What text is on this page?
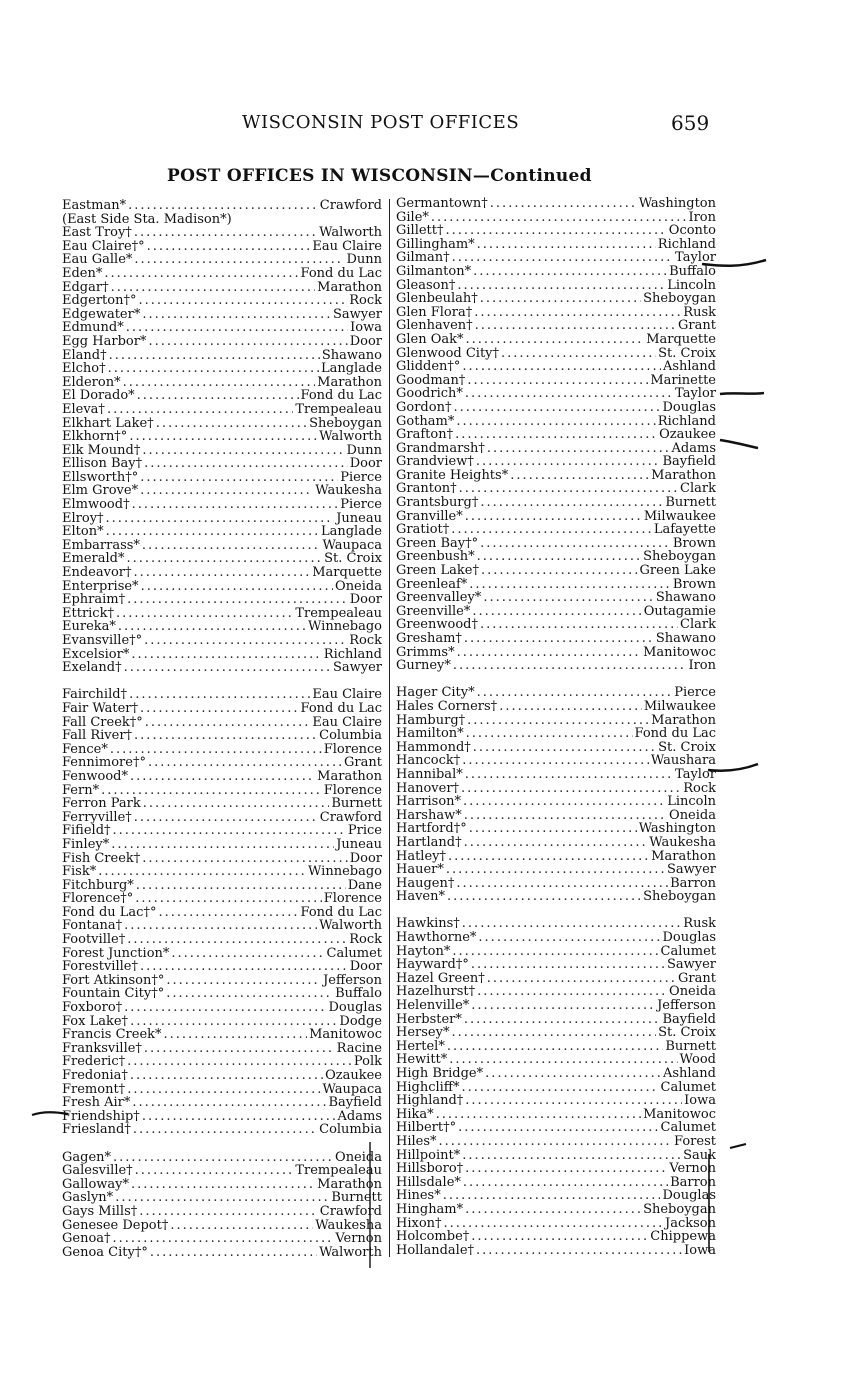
WISCONSIN POST OFFICES	659
POST OFFICES IN WISCONSIN—Continued
Eastman* .....	Crawford
(East Side Sta. Madison*)
East Troy† .....	Walworth
Eau Claire†° .....	Eau Claire
Eau Galle* .....	Dunn
Eden* .....	Fond du Lac
Edgar† .....	Marathon
Edgerton†° .....	Rock
Edgewater* .....	Sawyer
Edmund* .....	Iowa
Egg Harbor* .....	Door
Eland† .....	Shawano
Elcho† .....	Langlade
Elderon* .....	Marathon
El Dorado* .....	Fond du Lac
Eleva† .....	Trempealeau
Elkhart Lake† .....	Sheboygan
Elkhorn†° .....	Walworth
Elk Mound† .....	Dunn
Ellison Bay† .....	Door
Ellsworth†° .....	Pierce
Elm Grove* .....	Waukesha
Elmwood† .....	Pierce
Elroy† .....	Juneau
Elton* .....	Langlade
Embarrass* .....	Waupaca
Emerald* .....	St. Croix
Endeavor† .....	Marquette
Enterprise* .....	Oneida
Ephraim† .....	Door
Ettrick† .....	Trempealeau
Eureka* .....	Winnebago
Evansville†° .....	Rock
Excelsior* .....	Richland
Exeland† .....	Sawyer
Fairchild† .....	Eau Claire
Fair Water† .....	Fond du Lac
Fall Creek†° .....	Eau Claire
Fall River† .....	Columbia
Fence* .....	Florence
Fennimore†° .....	Grant
Fenwood* .....	Marathon
Fern* .....	Florence
Ferron Park .....	Burnett
Ferryville† .....	Crawford
Fifield† .....	Price
Finley* .....	Juneau
Fish Creek† .....	Door
Fisk* .....	Winnebago
Fitchburg* .....	Dane
Florence†° .....	Florence
Fond du Lac†° .....	Fond du Lac
Fontana† .....	Walworth
Footville† .....	Rock
Forest Junction* .....	Calumet
Forestville† .....	Door
Fort Atkinson†° .....	Jefferson
Fountain City†° .....	Buffalo
Foxboro† .....	Douglas
Fox Lake† .....	Dodge
Francis Creek* .....	Manitowoc
Franksville† .....	Racine
Frederic† .....	Polk
Fredonia† .....	Ozaukee
Fremont† .....	Waupaca
Fresh Air* .....	Bayfield
Friendship† .....	Adams
Friesland† .....	Columbia
Gagen* .....	Oneida
Galesville† .....	Trempealeau
Galloway* .....	Marathon
Gaslyn* .....	Burnett
Gays Mills† .....	Crawford
Genesee Depot† .....	Waukesha
Genoa† .....	Vernon
Genoa City†° .....	Walworth
Germantown† .....	Washington
Gile* .....	Iron
Gillett† .....	Oconto
Gillingham* .....	Richland
Gilman† .....	Taylor
Gilmanton* .....	Buffalo
Gleason† .....	Lincoln
Glenbeulah† .....	Sheboygan
Glen Flora† .....	Rusk
Glenhaven† .....	Grant
Glen Oak* .....	Marquette
Glenwood City† .....	St. Croix
Glidden†° .....	Ashland
Goodman† .....	Marinette
Goodrich* .....	Taylor
Gordon† .....	Douglas
Gotham* .....	Richland
Grafton† .....	Ozaukee
Grandmarsh† .....	Adams
Grandview† .....	Bayfield
Granite Heights* .....	Marathon
Granton† .....	Clark
Grantsburg† .....	Burnett
Granville* .....	Milwaukee
Gratiot† .....	Lafayette
Green Bay†° .....	Brown
Greenbush* .....	Sheboygan
Green Lake† .....	Green Lake
Greenleaf* .....	Brown
Greenvalley* .....	Shawano
Greenville* .....	Outagamie
Greenwood† .....	Clark
Gresham† .....	Shawano
Grimms* .....	Manitowoc
Gurney* .....	Iron
Hager City* .....	Pierce
Hales Corners† .....	Milwaukee
Hamburg† .....	Marathon
Hamilton* .....	Fond du Lac
Hammond† .....	St. Croix
Hancock† .....	Waushara
Hannibal* .....	Taylor
Hanover† .....	Rock
Harrison* .....	Lincoln
Harshaw* .....	Oneida
Hartford†° .....	Washington
Hartland† .....	Waukesha
Hatley† .....	Marathon
Hauer* .....	Sawyer
Haugen† .....	Barron
Haven* .....	Sheboygan
Hawkins† .....	Rusk
Hawthorne* .....	Douglas
Hayton* .....	Calumet
Hayward†° .....	Sawyer
Hazel Green† .....	Grant
Hazelhurst† .....	Oneida
Helenville* .....	Jefferson
Herbster* .....	Bayfield
Hersey* .....	St. Croix
Hertel* .....	Burnett
Hewitt* .....	Wood
High Bridge* .....	Ashland
Highcliff* .....	Calumet
Highland† .....	Iowa
Hika* .....	Manitowoc
Hilbert†° .....	Calumet
Hiles* .....	Forest
Hillpoint* .....	Sauk
Hillsboro† .....	Vernon
Hillsdale* .....	Barron
Hines* .....	Douglas
Hingham* .....	Sheboygan
Hixon† .....	Jackson
Holcombe† .....	Chippewa
Hollandale† .....	Iowa
